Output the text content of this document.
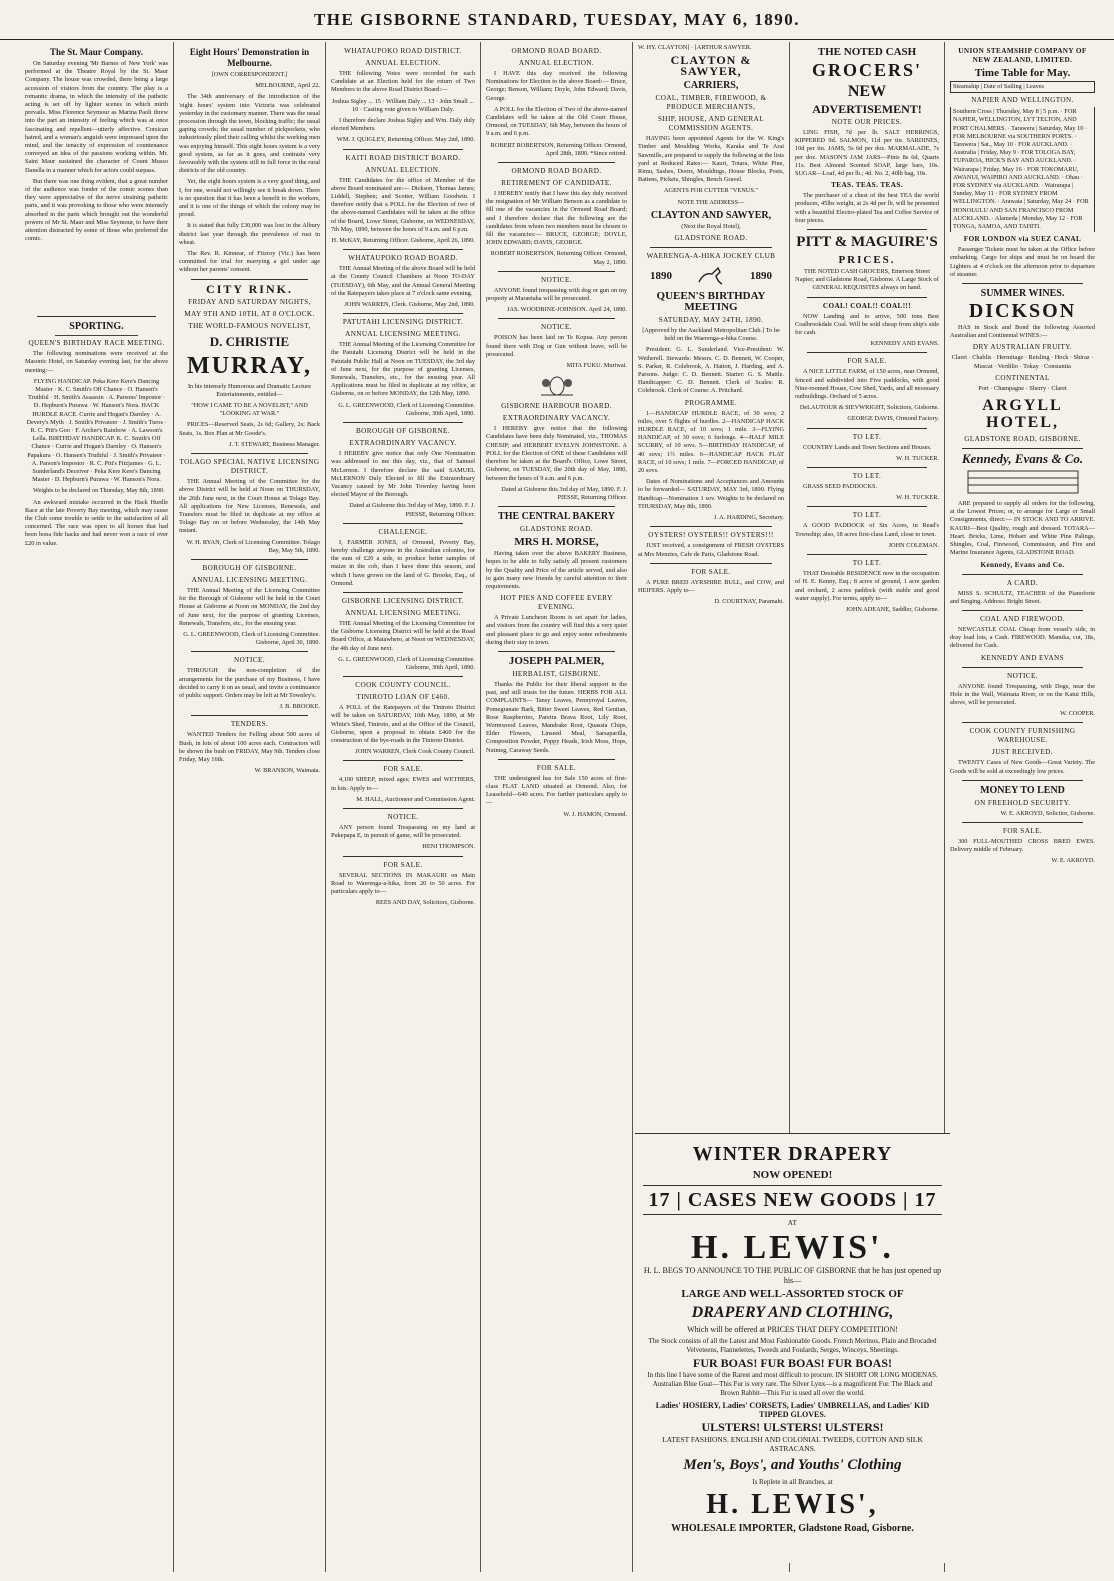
THE GISBORNE STANDARD, TUESDAY, MAY 6, 1890.
The St. Maur Company.

On Saturday evening 'Mr Barnes of New York' was performed at the Theatre Royal by the St. Maur Company. The house was crowded, there being a large accession of visitors from the country. The play is a romantic drama, in which the intensity of the pathetic acting is set off by lighter scenes in which mirth prevails. Miss Florence Seymour as Marina Paoli threw into the part an intensity of feeling which was at once fascinating and repellent—utterly affective. Corsican hatred, and a woman's anguish were impressed upon the mind, and the tenacity of expression of countenance conveyed an idea of the passions working within. Mr. Saint Maur sustained the character of Count Musso Danella in a manner which for actors could surpass.

But there was one thing evident, that a great number of the audience was fonder of the comic scenes than they were appreciative of the nerve straining pathetic parts, and it was provoking to those who were intensely absorbed in the parts which brought out the wonderful powers of Mr St. Maur and Miss Seymour, to have their attention distracted by some of those who preferred the comic.

SPORTING.
QUEEN'S BIRTHDAY RACE MEETING.

The following nominations were received at the Masonic Hotel, on Saturday evening last, for the above meeting:—

FLYING HANDICAP. Peka Kere Kere's Dancing Master · K. C. Smith's Off Chance · O. Hansen's Truthful · H. Smith's Assassin · A. Parsons' Impostor · D. Hepburn's Purawa · W. Hanson's Nora. HACK HURDLE RACE. Currie and Hogan's Darnley · A. Devery's Myth · J. Smith's Privateer · J. Smith's Turos · R. C. Pitt's Goo · F. Archer's Rainbow · A. Lawson's Lella. BIRTHDAY HANDICAP. K. C. Smith's Off Chance · Currie and Hogan's Darnley · O. Hansen's Papakura · O. Hansen's Truthful · J. Smith's Privateer · A. Parson's Impostor · R. C. Pitt's Fitzjames · G. L. Sunderland's Deceiver · Peka Kere Kere's Dancing Master · D. Hepburn's Purawa · W. Hanson's Nora.

Weights to be declared on Thursday, May 8th, 1890.

An awkward mistake occurred in the Hack Hurdle Race at the late Poverty Bay meeting, which may cause the Club some trouble to settle to the satisfaction of all concerned. The race was open to all horses that had been bona fide hacks and had never won a race of over £20 in value.

Eight Hours' Demonstration in Melbourne.
[OWN CORRESPONDENT.]
MELBOURNE, April 22.

The 34th anniversary of the introduction of the 'eight hours' system into Victoria was celebrated yesterday in the customary manner. There was the usual procession through the town, blocking traffic; the usual gaping crowds; the usual number of pickpockets, who industriously plied their calling whilst the working men was enjoying himself. This eight hours system is a very good system, as far as it goes, and contrasts very favourably with the system still in full force in the rural districts of the old country.

Yet, the eight hours system is a very good thing, and I, for one, would not willingly see it break down. There is no question that it has been a benefit to the workers, and it is one of the things of which the colony may be proud.

It is stated that fully £30,000 was lost in the Albury district last year through the prevalence of rust in wheat.

The Rev. R. Kinnear, of Fitzroy (Vic.) has been committed for trial for marrying a girl under age without her parents' consent.

CITY RINK.
FRIDAY AND SATURDAY NIGHTS,
MAY 9TH AND 10TH, AT 8 O'CLOCK.
THE WORLD-FAMOUS NOVELIST,
D. CHRISTIE
MURRAY,

In his intensely Humorous and Dramatic Lecture Entertainments, entitled—

"HOW I CAME TO BE A NOVELIST," AND "LOOKING AT WAR."

PRICES—Reserved Seats, 2s 6d; Gallery, 2s; Back Seats, 1s. Box Plan at Mr Goode's.

J. T. STEWART, Business Manager.

TOLAGO SPECIAL NATIVE LICENSING DISTRICT.

THE Annual Meeting of the Committee for the above District will be held at Noon on THURSDAY, the 26th June next, in the Court House at Tolago Bay. All applications for New Licenses, Renewals, and Transfers must be filed in duplicate at my office at Tolago Bay on or before Wednesday, the 14th May instant.

W. H. RYAN, Clerk of Licensing Committee. Tolago Bay, May 5th, 1890.

BOROUGH OF GISBORNE.
ANNUAL LICENSING MEETING.

THE Annual Meeting of the Licensing Committee for the Borough of Gisborne will be held in the Court House at Gisborne at Noon on MONDAY, the 2nd day of June next, for the purpose of granting Licenses, Renewals, Transfers, etc., for the ensuing year.

G. L. GREENWOOD, Clerk of Licensing Committee. Gisborne, April 30, 1890.

NOTICE.

THROUGH the non-completion of the arrangements for the purchase of my Business, I have decided to carry it on as usual, and invite a continuance of public support. Orders may be left at Mr Townley's.

J. B. BROOKE.

TENDERS.

WANTED Tenders for Felling about 500 acres of Bush, in lots of about 100 acres each. Contractors will be shown the bush on FRIDAY, May 9th. Tenders close Friday, May 16th.

W. BRANSON, Waimata.

WHATAUPOKO ROAD DISTRICT.
ANNUAL ELECTION.

THE following Votes were recorded for each Candidate at an Election held for the return of Two Members to the above Road District Board:—

Joshua Sigley ... 15 · William Daly ... 13 · John Small ... 10 · Casting vote given to William Daly.

I therefore declare Joshua Sigley and Wm. Daly duly elected Members.

WM. J. QUIGLEY, Returning Officer. May 2nd, 1890.

KAITI ROAD DISTRICT BOARD.
ANNUAL ELECTION.

THE Candidates for the office of Member of the above Board nominated are:— Dickson, Thomas James; Liddell, Stephen; and Scotter, William Goodwin. I therefore notify that a POLL for the Election of two of the above-named Candidates will be taken at the office of the Board, Lowe Street, Gisborne, on WEDNESDAY, 7th May, 1890, between the hours of 9 a.m. and 6 p.m.

H. McKAY, Returning Officer. Gisborne, April 26, 1890.

WHATAUPOKO ROAD BOARD.

THE Annual Meeting of the above Board will be held at the County Council Chambers at Noon TO-DAY (TUESDAY), 6th May, and the Annual General Meeting of the Ratepayers takes place at 7 o'clock same evening.

JOHN WARREN, Clerk. Gisborne, May 2nd, 1890.

PATUTAHI LICENSING DISTRICT.
ANNUAL LICENSING MEETING.

THE Annual Meeting of the Licensing Committee for the Patutahi Licensing District will be held in the Patutahi Public Hall at Noon on TUESDAY, the 3rd day of June next, for the purpose of granting Licenses, Renewals, Transfers, etc., for the ensuing year. All Applications must be filed in duplicate at my office, at Gisborne, on or before MONDAY, the 12th May, 1890.

G. L. GREENWOOD, Clerk of Licensing Committee. Gisborne, 30th April, 1890.

BOROUGH OF GISBORNE.
EXTRAORDINARY VACANCY.

I HEREBY give notice that only One Nomination was addressed to me this day, viz., that of Samuel McLernon. I therefore declare the said SAMUEL McLERNON Duly Elected to fill the Extraordinary Vacancy caused by Mr John Townley having been elected Mayor of the Borough.

Dated at Gisborne this 3rd day of May, 1890. F. J. PIESSE, Returning Officer.

CHALLENGE.

I, FARMER JONES, of Ormond, Poverty Bay, hereby challenge anyone in the Australian colonies, for the sum of £20 a side, to produce better samples of maize in the cob, than I have done this season, and which I have grown on the land of G. Brooke, Esq., of Ormond.

GISBORNE LICENSING DISTRICT.
ANNUAL LICENSING MEETING.

THE Annual Meeting of the Licensing Committee for the Gisborne Licensing District will be held at the Road Board Office, at Matawhero, at Noon on WEDNESDAY, the 4th day of June next.

G. L. GREENWOOD, Clerk of Licensing Committee. Gisborne, 30th April, 1890.

COOK COUNTY COUNCIL.
TINIROTO LOAN OF £460.

A POLL of the Ratepayers of the Tiniroto District will be taken on SATURDAY, 10th May, 1890, at Mr White's Shed, Tiniroto, and at the Office of the Council, Gisborne, upon a proposal to obtain £460 for the construction of the bye-roads in the Tiniroto District.

JOHN WARREN, Clerk Cook County Council.

FOR SALE.

4,100 SHEEP, mixed ages; EWES and WETHERS, in lots. Apply to—

M. HALL, Auctioneer and Commission Agent.

NOTICE.

ANY person found Trespassing on my land at Pukepapa E, in pursuit of game, will be prosecuted.

HENI THOMPSON.

FOR SALE.

SEVERAL SECTIONS IN MAKAURI on Main Road to Waerenga-a-hika, from 20 to 50 acres. For particulars apply to—

REES AND DAY, Solicitors, Gisborne.

ORMOND ROAD BOARD.
ANNUAL ELECTION.

I HAVE this day received the following Nominations for Election to the above Board:— Bruce, George; Benson, William; Doyle, John Edward; Davis, George.

A POLL for the Election of Two of the above-named Candidates will be taken at the Old Court House, Ormond, on TUESDAY, 6th May, between the hours of 9 a.m. and 6 p.m.

ROBERT ROBERTSON, Returning Officer. Ormond, April 28th, 1890. *Since retired.

ORMOND ROAD BOARD.
RETIREMENT OF CANDIDATE.

I HEREBY notify that I have this day duly received the resignation of Mr William Benson as a candidate to fill one of the vacancies in the Ormond Road Board; and I therefore declare that the following are the candidates from whom two members must be chosen to fill the vacancies:— BRUCE, GEORGE; DOYLE, JOHN EDWARD; DAVIS, GEORGE.

ROBERT ROBERTSON, Returning Officer. Ormond, May 2, 1890.

NOTICE.

ANYONE found trespassing with dog or gun on my property at Maraetaha will be prosecuted.

JAS. WOODBINE-JOHNSON. April 24, 1890.

NOTICE.

POISON has been laid on Te Kopua. Any person found there with Dog or Gun without leave, will be prosecuted.

MITA FUKU. Muriwai.

GISBORNE HARBOUR BOARD.
EXTRAORDINARY VACANCY.

I HEREBY give notice that the following Candidates have been duly Nominated, viz., THOMAS CHESIP; and HERBERT EVELYN JOHNSTONE. A POLL for the Election of ONE of these Candidates will therefore be taken at the Board's Office, Lowe Street, Gisborne, on TUESDAY, the 20th day of May, 1890, between the hours of 9 a.m. and 6 p.m.

Dated at Gisborne this 3rd day of May, 1890. F. J. PIESSE, Returning Officer.

THE CENTRAL BAKERY
GLADSTONE ROAD.
MRS H. MORSE,

Having taken over the above BAKERY Business, hopes to be able to fully satisfy all present customers by the Quality and Price of the article served, and also to gain many new friends by careful attention to their requirements.

HOT PIES AND COFFEE EVERY EVENING.

A Private Luncheon Room is set apart for ladies, and visitors from the country will find this a very quiet and pleasant place to go and enjoy some refreshments during their stay in town.

JOSEPH PALMER,
HERBALIST, GISBORNE.

Thanks the Public for their liberal support in the past, and still trusts for the future. HERBS FOR ALL COMPLAINTS— Tansy Leaves, Pennyroyal Leaves, Pomegranate Bark, Bitter Sweet Leaves, Red Gentian, Rose Raspberries, Pareira Brava Root, Lily Root, Wormwood Leaves, Mandrake Root, Quassia Chips, Elder Flowers, Linseed Meal, Sarsaparilla, Composition Powder, Poppy Heads, Irish Moss, Hops, Nutmeg, Caraway Seeds.

FOR SALE.

THE undersigned has for Sale 150 acres of first-class FLAT LAND situated at Ormond. Also, for Leasehold—640 acres. For further particulars apply to—

W. J. HAMON, Ormond.

W. HY. CLAYTON] · [ARTHUR SAWYER.
CLAYTON & SAWYER,
CARRIERS,
COAL, TIMBER, FIREWOOD, & PRODUCE MERCHANTS,
SHIP, HOUSE, AND GENERAL COMMISSION AGENTS.

HAVING been appointed Agents for the W. King's Timber and Moulding Works, Karaka and Te Arai Sawmills, are prepared to supply the following at the lists yard at Reduced Rates:— Kauri, Totara, White Pine, Rimu, Sashes, Doors, Mouldings, House Blocks, Posts, Battens, Pickets, Shingles, Bench Gravel.

AGENTS FOR CUTTER "VENUS."

NOTE THE ADDRESS—

CLAYTON AND SAWYER,

(Next the Royal Hotel),

GLADSTONE ROAD.
WAERENGA-A-HIKA JOCKEY CLUB
1890	1890
QUEEN'S BIRTHDAY MEETING
SATURDAY, MAY 24TH, 1890.

[Approved by the Auckland Metropolitan Club.] To be held on the Waerenga-a-hika Course.

President: G. L. Sunderland. Vice-President: W. Wetherell. Stewards: Messrs. C. D. Bennett, W. Cooper, S. Parker, R. Colebrook, A. Hatton, J. Harding, and A. Parsons. Judge: C. D. Bennett. Starter: G. S. Mattle. Handicapper: C. D. Bennett. Clerk of Scales: R. Colebrook. Clerk of Course: A. Pritchard.

PROGRAMME.

1—HANDICAP HURDLE RACE, of 30 sovs; 2 miles, over 5 flights of hurdles. 2—HANDICAP HACK HURDLE RACE, of 10 sovs; 1 mile. 3—FLYING HANDICAP, of 30 sovs; 6 furlongs. 4—HALF MILE SCURRY, of 10 sovs. 5—BIRTHDAY HANDICAP, of 40 sovs; 1½ miles. 6—HANDICAP HACK FLAT RACE, of 10 sovs; 1 mile. 7—FORCED HANDICAP, of 20 sovs.

Dates of Nominations and Acceptances and Amounts to be forwarded— SATURDAY, MAY 3rd, 1890. Flying Handicap—Nomination 1 sov. Weights to be declared on THURSDAY, May 8th, 1890.

J. A. HARDING, Secretary.

OYSTERS! OYSTERS!! OYSTERS!!!

JUST received, a consignment of FRESH OYSTERS at Mrs Menzies, Cafe de Paris, Gladstone Road.

FOR SALE.

A PURE BRED AYRSHIRE BULL, and COW, and HEIFERS. Apply to—

D. COURTNAY, Paramahi.

THE NOTED CASH
GROCERS'
NEW
ADVERTISEMENT!
NOTE OUR PRICES.

LING FISH, 7d per lb. SALT HERRINGS, KIPPERED 9d. SALMON, 11d per tin. SARDINES, 10d per tin. JAMS, 5s 6d per doz. MARMALADE, 7s per doz. MASON'S JAM JARS—Pints 8s 6d, Quarts 11s. Best Almond Scented SOAP, large bars, 10s. SUGAR—Loaf, 4d per lb.; 4d. No. 2, 40lb bag, 10s.

TEAS. TEAS. TEAS.

The purchaser of a chest of the best TEA the world produces, 45lbs weight, at 2s 4d per lb, will be presented with a beautiful Electro-plated Tea and Coffee Service of four pieces.

PITT & MAGUIRE'S
PRICES.

THE NOTED CASH GROCERS, Emerson Street Napier; and Gladstone Road, Gisborne. A Large Stock of GENERAL REQUISITES always on hand.

COAL! COAL!! COAL!!!

NOW Landing and to arrive, 500 tons Best Coalbrookdale Coal. Will be sold cheap from ship's side for cash.

KENNEDY AND EVANS.

FOR SALE.

A NICE LITTLE FARM, of 150 acres, near Ormond, fenced and subdivided into Five paddocks, with good Nine-roomed House, Cow Shed, Yards, and all necessary outbuildings. Orchard of 5 acres.

DeLAUTOUR & SIEVWRIGHT, Solicitors, Gisborne.

GEORGE DAVIS, Ormond Factory.

TO LET.

COUNTRY Lands and Town Sections and Houses.

W. H. TUCKER.

TO LET.

GRASS SEED PADDOCKS.

W. H. TUCKER.

TO LET.

A GOOD PADDOCK of Six Acres, in Read's Township; also, 18 acres first-class Land, close to town.

JOHN COLEMAN.

TO LET.

THAT Desirable RESIDENCE now in the occupation of H. E. Kenny, Esq.; 8 acres of ground, 1 acre garden and orchard, 2 acres paddock (with stable and good water supply). For terms, apply to—

JOHN ADEANE, Saddler, Gisborne.

UNION STEAMSHIP COMPANY OF NEW ZEALAND, LIMITED.
Time Table for May.
Steamship | Date of Sailing | Leaves
NAPIER AND WELLINGTON.

Southern Cross | Thursday, May 8 | 5 p.m. · FOR NAPIER, WELLINGTON, LYT TELTON, AND PORT CHALMERS. · Tarawera | Saturday, May 10 · FOR MELBOURNE via SOUTHERN PORTS. · Tarawera | Sat., May 10 · FOR AUCKLAND. · Australia | Friday, May 9 · FOR TOLOGA BAY, TUPAROA, HICK'S BAY AND AUCKLAND. · Wairarapa | Friday, May 16 · FOR TOKOMARU, AWANUI, WAIPIRO AND AUCKLAND. · Ohau · FOR SYDNEY via AUCKLAND. · Wairarapa | Sunday, May 11 · FOR SYDNEY FROM WELLINGTON. · Arawata | Saturday, May 24 · FOR HONOLULU AND SAN FRANCISCO FROM AUCKLAND. · Alameda | Monday, May 12 · FOR TONGA, SAMOA, AND TAHITI.

FOR LONDON via SUEZ CANAL

Passenger Tickets must be taken at the Office before embarking. Cargo for ships and must be on board the Lighters at 4 o'clock on the afternoon prior to departure of steamer.

SUMMER WINES.
DICKSON

HAS in Stock and Bond the following Assorted Australian and Continental WINES:—

DRY AUSTRALIAN FRUITY.

Claret · Chablis · Hermitage · Reisling · Hock · Shiraz · Muscat · Verdilio · Tokay · Constantia

CONTINENTAL

Port · Champagne · Sherry · Claret

ARGYLL HOTEL,
GLADSTONE ROAD, GISBORNE.
Kennedy, Evans & Co.

ARE prepared to supply all orders for the following, at the Lowest Prices; or, to arrange for Large or Small Consignments, direct:— IN STOCK AND TO ARRIVE. KAURI—Best Quality, rough and dressed. TOTARA—Heart. Bricks, Lime, Hobart and White Pine Palings, Shingles, Coal, Firewood, Commission, and Fire and Marine Insurance Agents, GLADSTONE ROAD.

Kennedy, Evans and Co.
A CARD.

MISS S. SCHULTZ, TEACHER of the Pianoforte and Singing. Address: Bright Street.

COAL AND FIREWOOD.

NEWCASTLE COAL Cheap from vessel's side, in dray load lots, a Cash. FIREWOOD. Manuka, cut, 18s, delivered for Cash.

KENNEDY AND EVANS
NOTICE.

ANYONE found Trespassing, with Dogs, near the Hole in the Wall, Waimata River, or on the Katui Hills, above, will be prosecuted.

W. COOPER.

COOK COUNTY FURNISHING WAREHOUSE.
JUST RECEIVED.

TWENTY Cases of New Goods—Great Variety. The Goods will be sold at exceedingly low prices.

MONEY TO LEND
ON FREEHOLD SECURITY.

W. E. AKROYD, Solicitor, Gisborne.

FOR SALE.

300 FULL-MOUTHED CROSS BRED EWES. Delivery middle of February.

W. E. AKROYD.

WINTER DRAPERY
NOW OPENED!
17 | CASES NEW GOODS | 17
AT
H. LEWIS'.

H. L. BEGS TO ANNOUNCE TO THE PUBLIC OF GISBORNE that he has just opened up his—

LARGE AND WELL-ASSORTED STOCK OF
DRAPERY AND CLOTHING,

Which will be offered at PRICES THAT DEFY COMPETITION!

The Stock consists of all the Latest and Most Fashionable Goods. French Merinos, Plain and Brocaded Velveteens, Flannelettes, Tweeds and Foulards, Serges, Winceys, Sheetings.

FUR BOAS! FUR BOAS! FUR BOAS!

In this line I have some of the Rarest and most difficult to procure. IN SHORT OR LONG MODENAS. Australian Blue Goat—This Fur is very rare. The Silver Lynx—is a magnificent Fur. The Black and Brown Rabbit—This Fur is used all over the world.

Ladies' HOSIERY, Ladies' CORSETS, Ladies' UMBRELLAS, and Ladies' KID TIPPED GLOVES.

ULSTERS! ULSTERS! ULSTERS!

LATEST FASHIONS. ENGLISH AND COLONIAL TWEEDS, COTTON AND SILK ASTRACANS.

Men's, Boys', and Youths' Clothing

Is Replete in all Branches, at

H. LEWIS',
WHOLESALE IMPORTER, Gladstone Road, Gisborne.
